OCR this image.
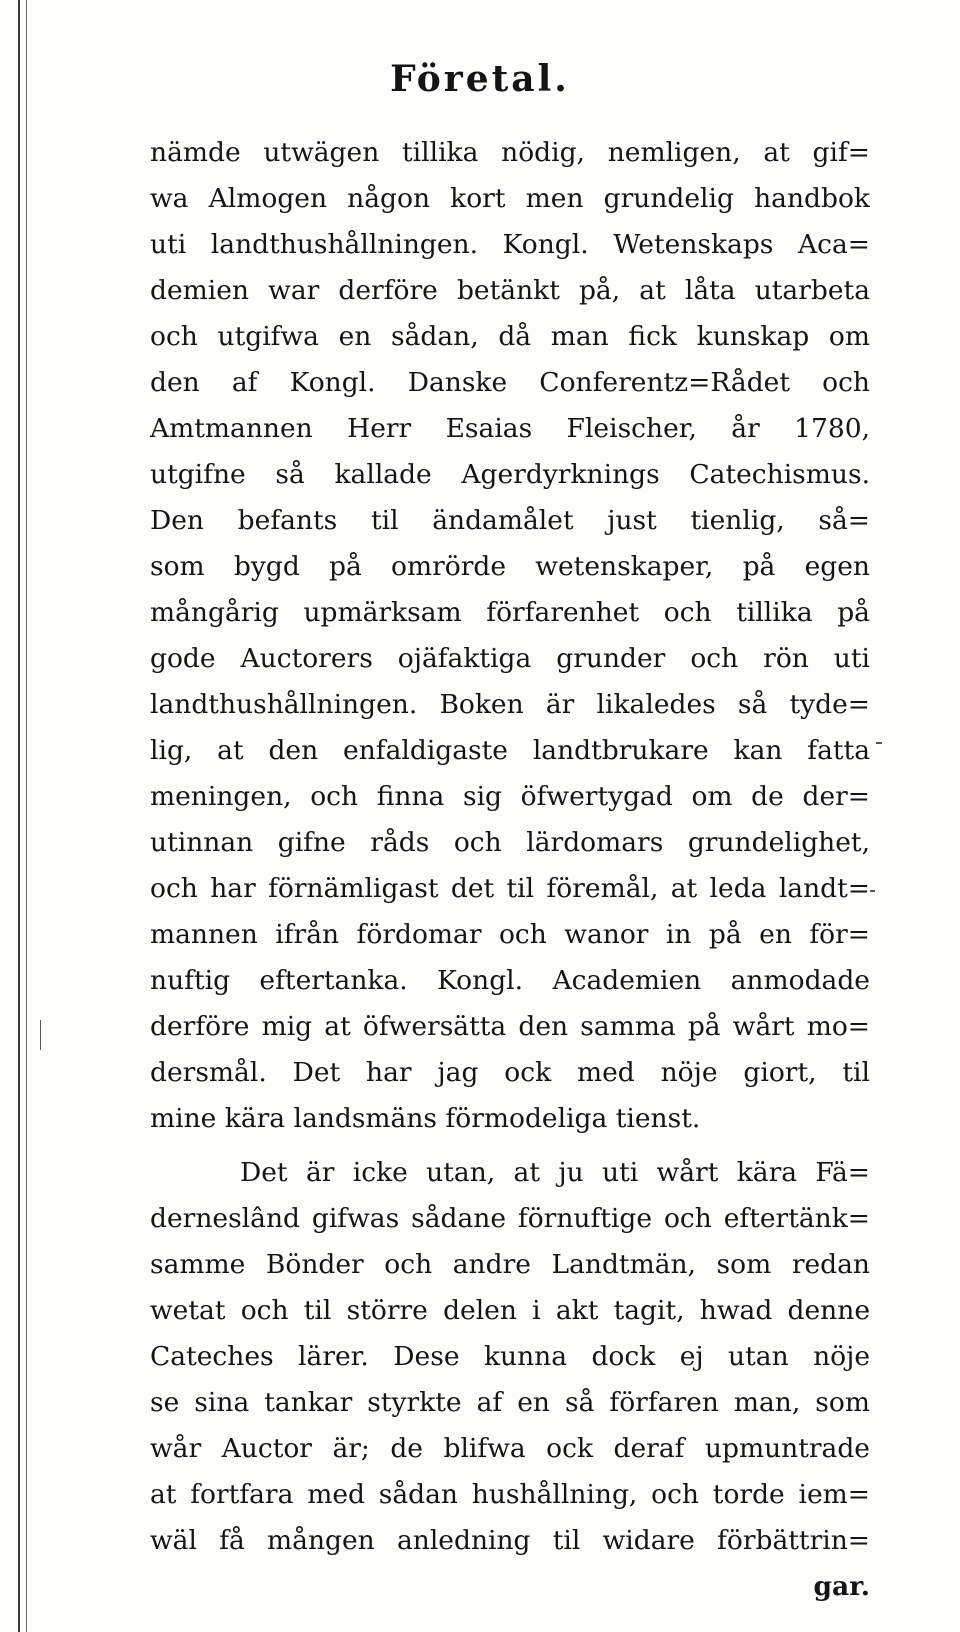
Företal.
nämde utwägen tillika nödig, nemligen, at gif=
wa Almogen någon kort men grundelig handbok
uti landthushållningen. Kongl. Wetenskaps Aca=
demien war derföre betänkt på, at låta utarbeta
och utgifwa en sådan, då man fick kunskap om
den af Kongl. Danske Conferentz=Rådet och
Amtmannen Herr Esaias Fleischer, år 1780,
utgifne så kallade Agerdyrknings Catechismus.
Den befants til ändamålet just tienlig, så=
som bygd på omrörde wetenskaper, på egen
mångårig upmärksam förfarenhet och tillika på
gode Auctorers ojäfaktiga grunder och rön uti
landthushållningen. Boken är likaledes så tyde=
lig, at den enfaldigaste landtbrukare kan fatta
meningen, och finna sig öfwertygad om de der=
utinnan gifne råds och lärdomars grundelighet,
och har förnämligast det til föremål, at leda landt=
mannen ifrån fördomar och wanor in på en för=
nuftig eftertanka. Kongl. Academien anmodade
derföre mig at öfwersätta den samma på wårt mo=
dersmål. Det har jag ock med nöje giort, til
mine kära landsmäns förmodeliga tienst.
Det är icke utan, at ju uti wårt kära Fä=
derneslând gifwas sådane förnuftige och eftertänk=
samme Bönder och andre Landtmän, som redan
wetat och til större delen i akt tagit, hwad denne
Cateches lärer. Dese kunna dock ej utan nöje
se sina tankar styrkte af en så förfaren man, som
wår Auctor är; de blifwa ock deraf upmuntrade
at fortfara med sådan hushållning, och torde iem=
wäl få mången anledning til widare förbättrin=
gar.
